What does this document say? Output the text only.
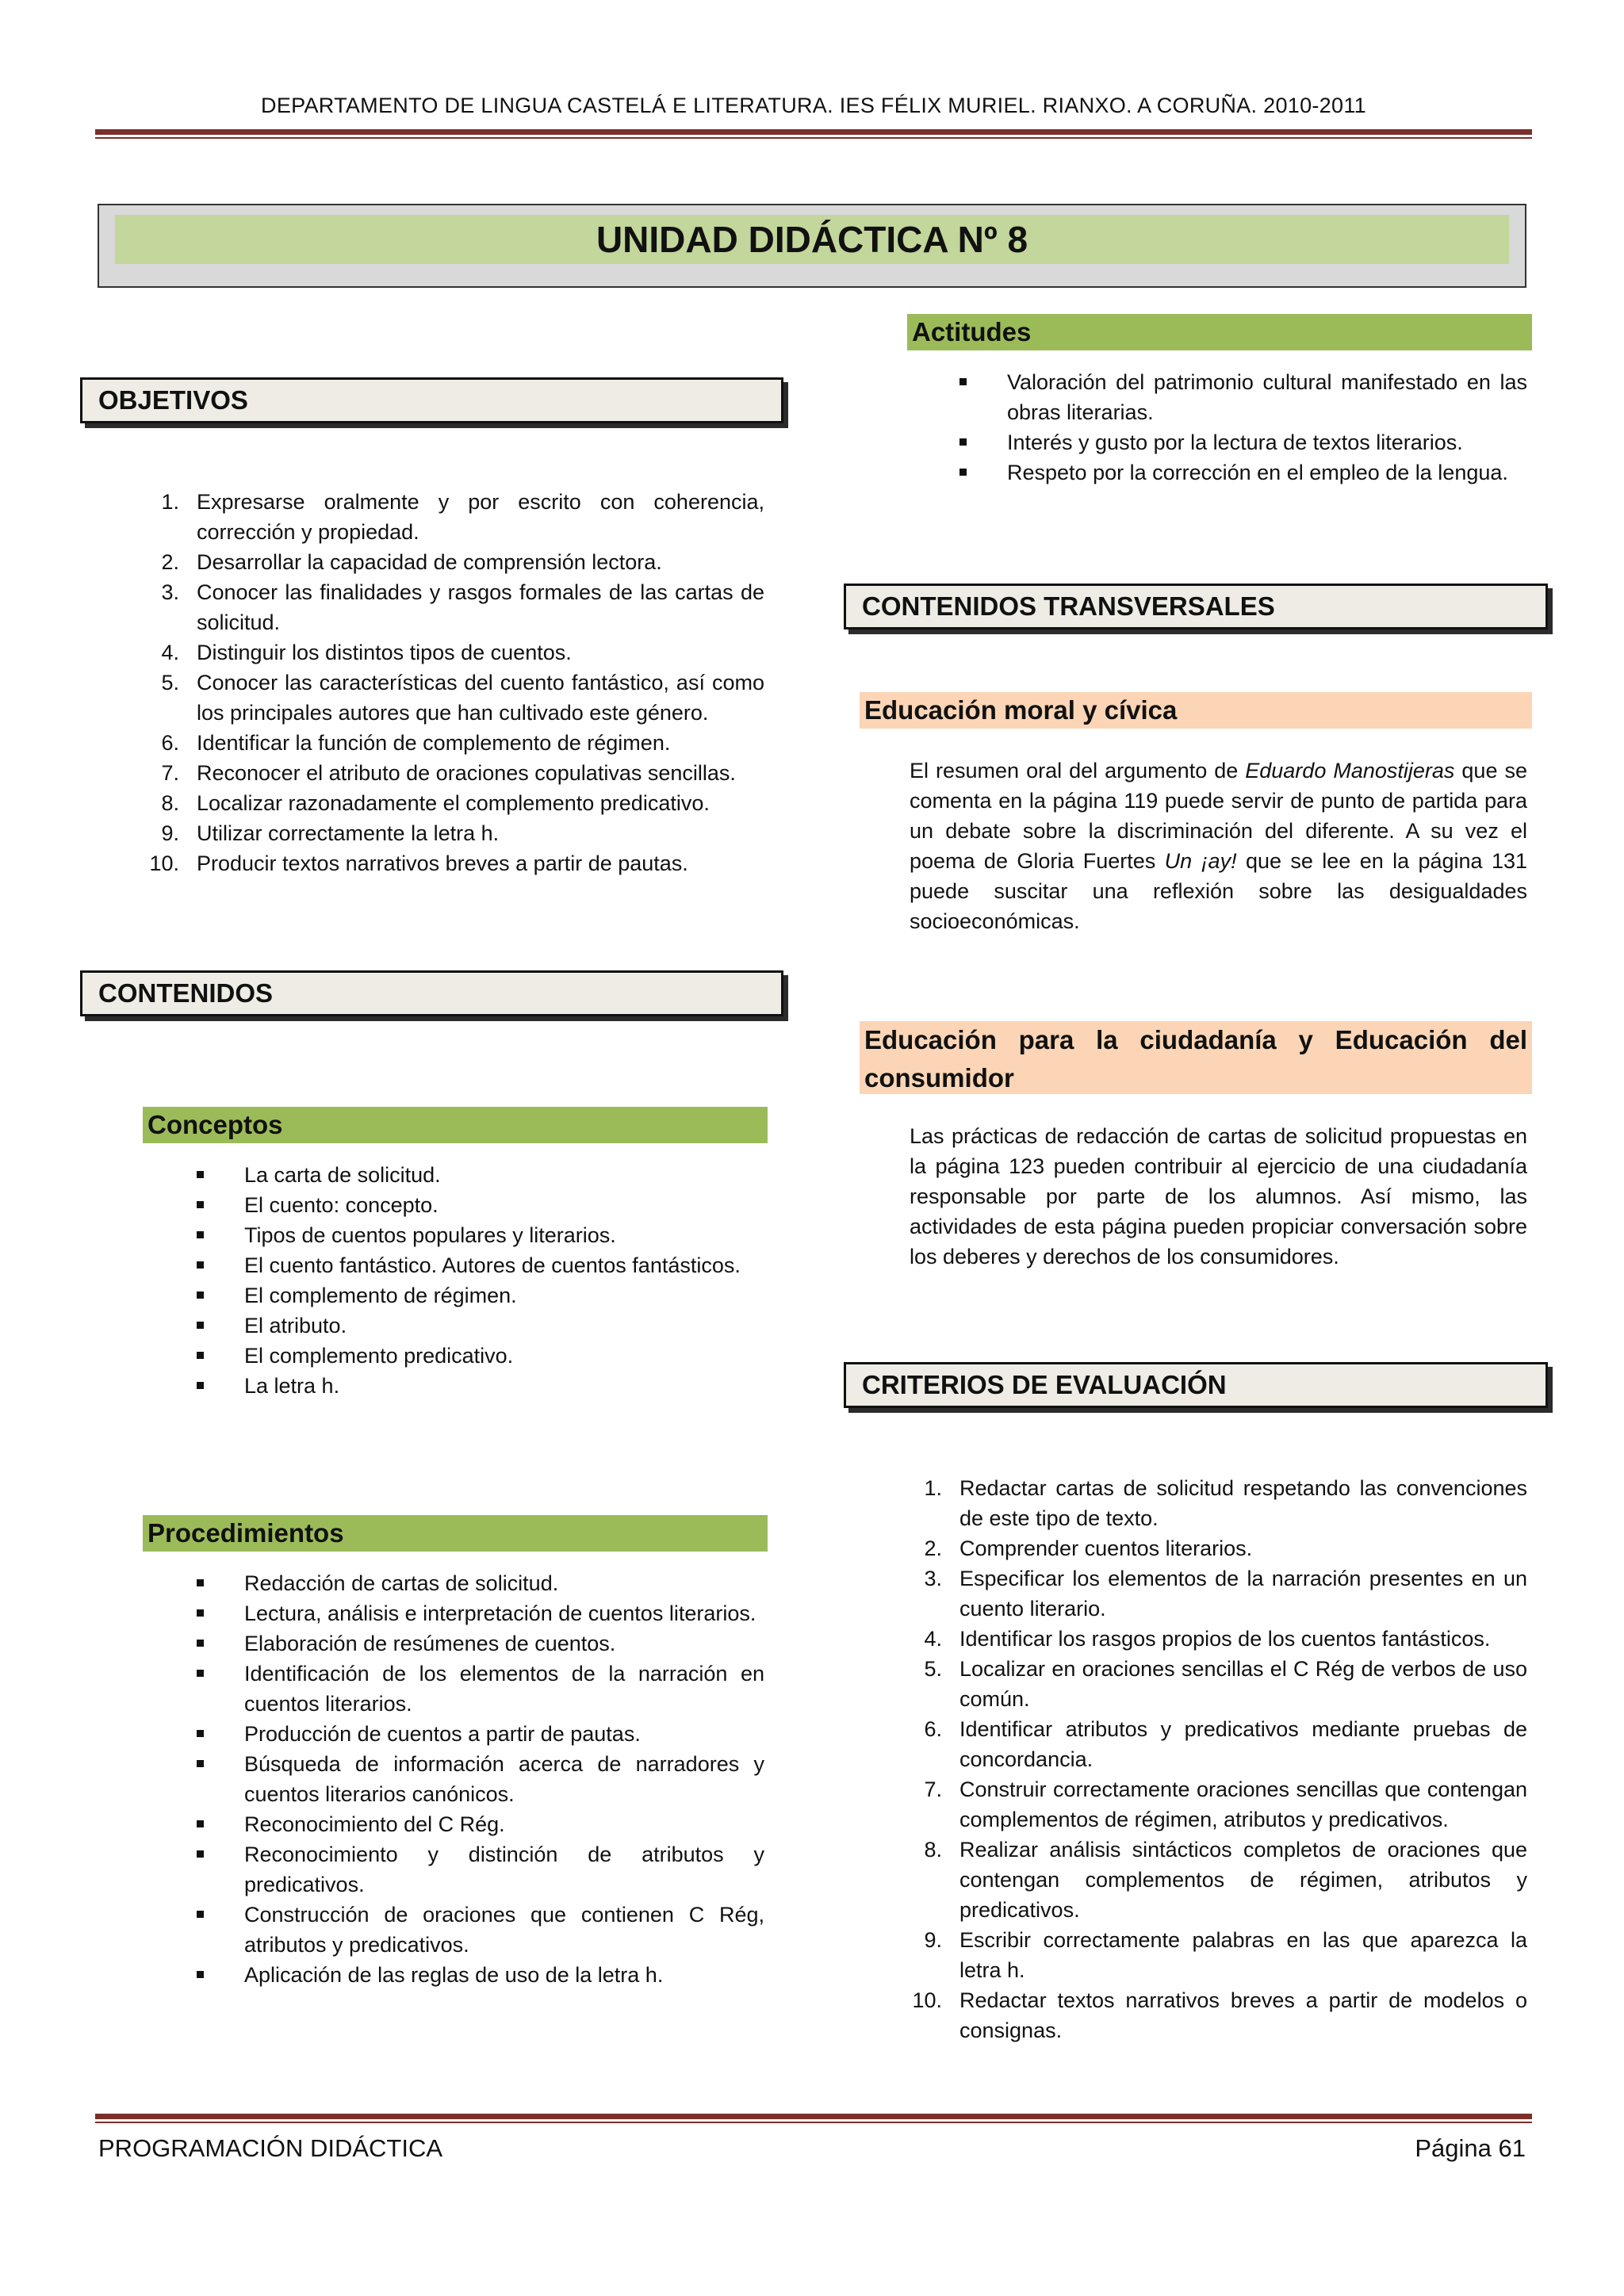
DEPARTAMENTO DE LINGUA CASTELÁ E LITERATURA. IES FÉLIX MURIEL. RIANXO. A CORUÑA. 2010-2011
UNIDAD DIDÁCTICA Nº 8
OBJETIVOS
1. Expresarse oralmente y por escrito con coherencia, corrección y propiedad.
2. Desarrollar la capacidad de comprensión lectora.
3. Conocer las finalidades y rasgos formales de las cartas de solicitud.
4. Distinguir los distintos tipos de cuentos.
5. Conocer las características del cuento fantástico, así como los principales autores que han cultivado este género.
6. Identificar la función de complemento de régimen.
7. Reconocer el atributo de oraciones copulativas sencillas.
8. Localizar razonadamente el complemento predicativo.
9. Utilizar correctamente la letra h.
10. Producir textos narrativos breves a partir de pautas.
CONTENIDOS
Conceptos
La carta de solicitud.
El cuento: concepto.
Tipos de cuentos populares y literarios.
El cuento fantástico. Autores de cuentos fantásticos.
El complemento de régimen.
El atributo.
El complemento predicativo.
La letra h.
Procedimientos
Redacción de cartas de solicitud.
Lectura, análisis e interpretación de cuentos literarios.
Elaboración de resúmenes de cuentos.
Identificación de los elementos de la narración en cuentos literarios.
Producción de cuentos a partir de pautas.
Búsqueda de información acerca de narradores y cuentos literarios canónicos.
Reconocimiento del C Rég.
Reconocimiento y distinción de atributos y predicativos.
Construcción de oraciones que contienen C Rég, atributos y predicativos.
Aplicación de las reglas de uso de la letra h.
Actitudes
Valoración del patrimonio cultural manifestado en las obras literarias.
Interés y gusto por la lectura de textos literarios.
Respeto por la corrección en el empleo de la lengua.
CONTENIDOS TRANSVERSALES
Educación moral y cívica

El resumen oral del argumento de Eduardo Manostijeras que se comenta en la página 119 puede servir de punto de partida para un debate sobre la discriminación del diferente. A su vez el poema de Gloria Fuertes Un ¡ay! que se lee en la página 131 puede suscitar una reflexión sobre las desigualdades socioeconómicas.

Educación para la ciudadanía y Educación del
consumidor

Las prácticas de redacción de cartas de solicitud propuestas en la página 123 pueden contribuir al ejercicio de una ciudadanía responsable por parte de los alumnos. Así mismo, las actividades de esta página pueden propiciar conversación sobre los deberes y derechos de los consumidores.

CRITERIOS DE EVALUACIÓN
1. Redactar cartas de solicitud respetando las convenciones de este tipo de texto.
2. Comprender cuentos literarios.
3. Especificar los elementos de la narración presentes en un cuento literario.
4. Identificar los rasgos propios de los cuentos fantásticos.
5. Localizar en oraciones sencillas el C Rég de verbos de uso común.
6. Identificar atributos y predicativos mediante pruebas de concordancia.
7. Construir correctamente oraciones sencillas que contengan complementos de régimen, atributos y predicativos.
8. Realizar análisis sintácticos completos de oraciones que contengan complementos de régimen, atributos y predicativos.
9. Escribir correctamente palabras en las que aparezca la letra h.
10. Redactar textos narrativos breves a partir de modelos o consignas.
PROGRAMACIÓN DIDÁCTICA	Página 61
